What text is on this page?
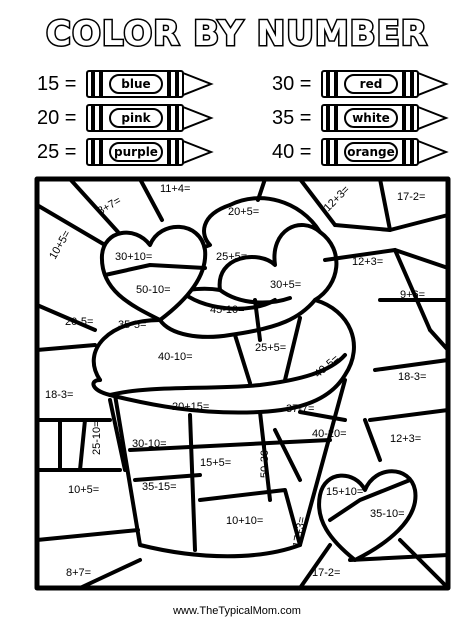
COLOR BY NUMBER
15 =	blue	30 =	red
20 =	pink	35 =	white
25 =	purple	40 =	orange
11+4=
8+7=	20+5=	12+3=	17-2=
10+5=	30+10=	25+5=	12+3=
50-10=	9+6=
20-5= 35-5=
45-10=
30+5=
40-10=
25+5=
40-5=
18-3=
18-3=
20+15=	37-7=
25-10=	40-20=	12+3=
30-10=
15+5=	50-30=
10+5=	35-15=	15+10=
10+10=	17+3=
35-10=
8+7=	17-2=
www.TheTypicalMom.com
